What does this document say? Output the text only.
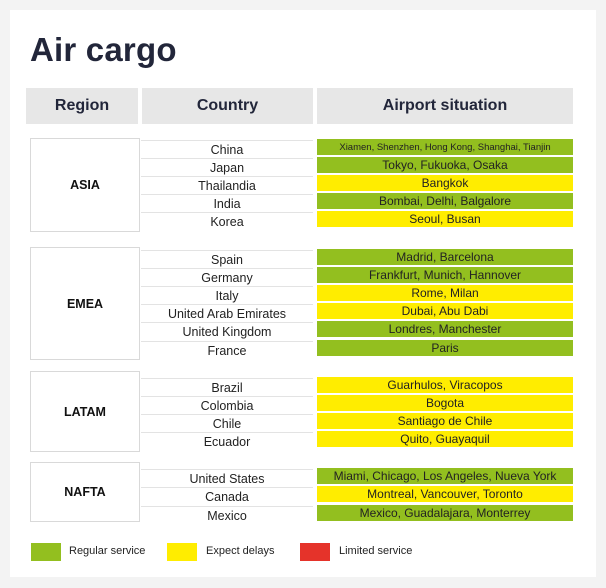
Air cargo
Region	Country	Airport situation
ASIA
China	Xiamen, Shenzhen, Hong Kong, Shanghai, Tianjin
Japan	Tokyo, Fukuoka, Osaka
Thailandia	Bangkok
India	Bombai, Delhi, Balgalore
Korea	Seoul, Busan
EMEA
Spain	Madrid, Barcelona
Germany	Frankfurt, Munich, Hannover
Italy	Rome, Milan
United Arab Emirates	Dubai, Abu Dabi
United Kingdom	Londres, Manchester
France	Paris
LATAM
Brazil	Guarhulos, Viracopos
Colombia	Bogota
Chile	Santiago de Chile
Ecuador	Quito, Guayaquil
NAFTA
United States	Miami, Chicago, Los Angeles, Nueva York
Canada	Montreal, Vancouver, Toronto
Mexico	Mexico, Guadalajara, Monterrey
Regular service	Expect delays	Limited service
